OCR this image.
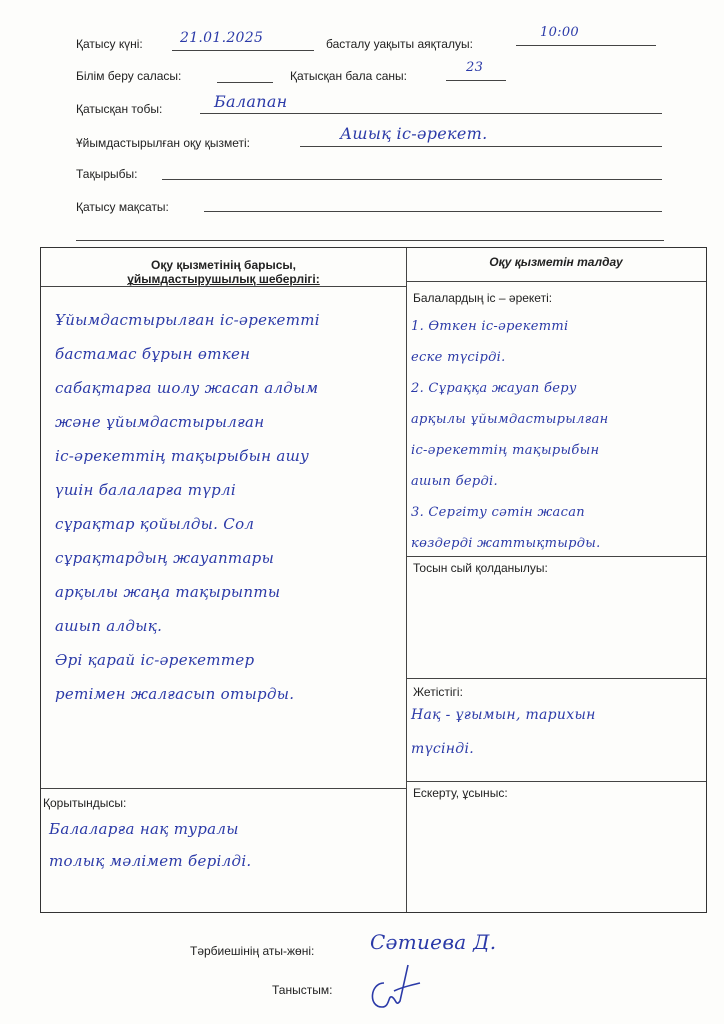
Қатысу күні:	21.01.2025	басталу уақыты аяқталуы:
10:00
Білім беру саласы:	Қатысқан бала саны:
23
Қатысқан тобы:	Балапан
Ұйымдастырылған оқу қызметі:	Ашық іс-әрекет.
Тақырыбы:
Қатысу мақсаты:
Оқу қызметінің барысы,
ұйымдастырушылық шеберлігі:
Оқу қызметін талдау
Ұйымдастырылған іс-әрекетті
бастамас бұрын өткен
сабақтарға шолу жасап алдым
және ұйымдастырылған
іс-әрекеттің тақырыбын ашу
үшін балаларға түрлі
сұрақтар қойылды. Сол
сұрақтардың жауаптары
арқылы жаңа тақырыпты
ашып алдық.
Әрі қарай іс-әрекеттер
ретімен жалғасып отырды.
Балалардың іс – әрекеті:
1. Өткен іс-әрекетті
еске түсірді.
2. Сұраққа жауап беру
арқылы ұйымдастырылған
іс-әрекеттің тақырыбын
ашып берді.
3. Сергіту сәтін жасап
көздерді жаттықтырды.
Тосын сый қолданылуы:
Жетістігі:
Нақ - ұғымын, тарихын
түсінді.
Ескерту, ұсыныс:
Қорытындысы:
Балаларға нақ туралы
толық мәлімет берілді.
Тәрбиешінің аты-жөні:	Сәтиева Д.
Таныстым:
